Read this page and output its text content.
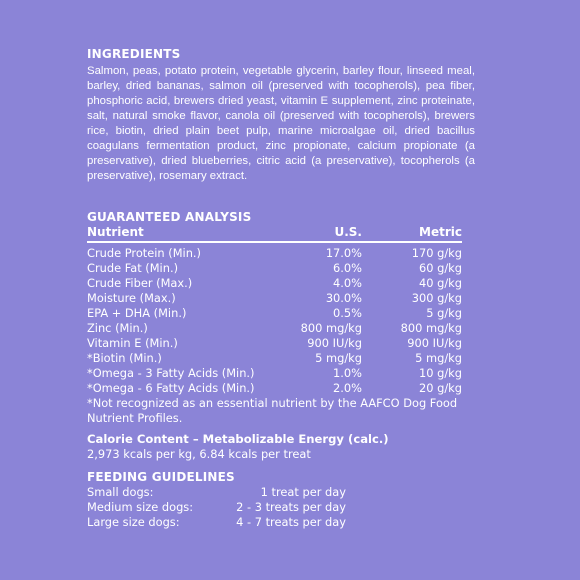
INGREDIENTS

Salmon, peas, potato protein, vegetable glycerin, barley flour, linseed meal, barley, dried bananas, salmon oil (preserved with tocopherols), pea fiber, phosphoric acid, brewers dried yeast, vitamin E supplement, zinc proteinate, salt, natural smoke flavor, canola oil (preserved with tocopherols), brewers rice, biotin, dried plain beet pulp, marine microalgae oil, dried bacillus coagulans fermentation product, zinc propionate, calcium propionate (a preservative), dried blueberries, citric acid (a preservative), tocopherols (a preservative), rosemary extract.

GUARANTEED ANALYSIS
Nutrient	U.S.	Metric
Crude Protein (Min.)	17.0%	170 g/kg
Crude Fat (Min.)	6.0%	60 g/kg
Crude Fiber (Max.)	4.0%	40 g/kg
Moisture (Max.)	30.0%	300 g/kg
EPA + DHA (Min.)	0.5%	5 g/kg
Zinc (Min.)	800 mg/kg	800 mg/kg
Vitamin E (Min.)	900 IU/kg	900 IU/kg
*Biotin (Min.)	5 mg/kg	5 mg/kg
*Omega - 3 Fatty Acids (Min.)	1.0%	10 g/kg
*Omega - 6 Fatty Acids (Min.)	2.0%	20 g/kg
*Not recognized as an essential nutrient by the AAFCO Dog Food Nutrient Profiles.
Calorie Content – Metabolizable Energy (calc.)
2,973 kcals per kg, 6.84 kcals per treat
FEEDING GUIDELINES
Small dogs:	1 treat per day
Medium size dogs:	2 - 3 treats per day
Large size dogs:	4 - 7 treats per day
